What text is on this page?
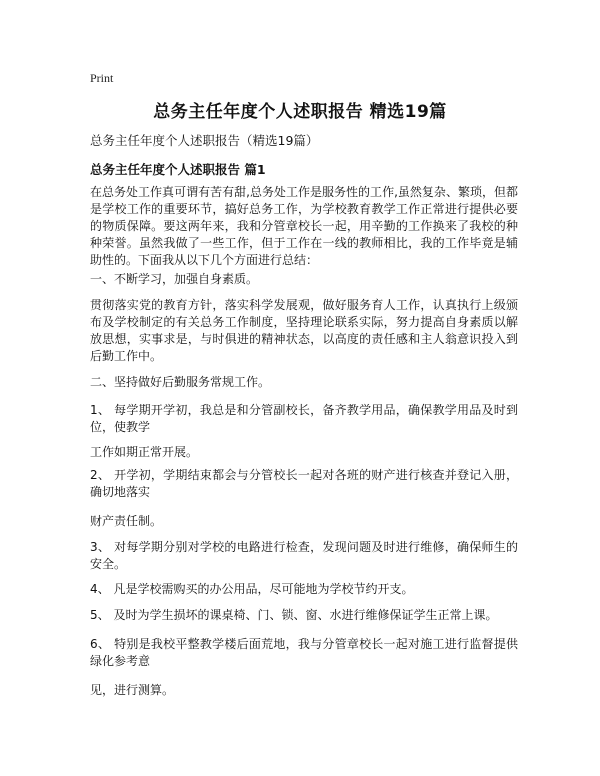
Print
总务主任年度个人述职报告 精选19篇
总务主任年度个人述职报告（精选19篇）
总务主任年度个人述职报告 篇1
在总务处工作真可谓有苦有甜,总务处工作是服务性的工作,虽然复杂、繁琐，但都是学校工作的重要环节，搞好总务工作，为学校教育教学工作正常进行提供必要的物质保障。要这两年来，我和分管章校长一起，用辛勤的工作换来了我校的种 种荣誉。虽然我做了一些工作，但于工作在一线的教师相比，我的工作毕竟是辅助性的。下面我从以下几个方面进行总结：
一、不断学习，加强自身素质。
贯彻落实党的教育方针，落实科学发展观，做好服务育人工作，认真执行上级颁布及学校制定的有关总务工作制度，坚持理论联系实际，努力提高自身素质以解放思想，实事求是，与时俱进的精神状态，以高度的责任感和主人翁意识投入到后勤工作中。
二、坚持做好后勤服务常规工作。
1、 每学期开学初，我总是和分管副校长，备齐教学用品，确保教学用品及时到位，使教学
工作如期正常开展。
2、 开学初，学期结束都会与分管校长一起对各班的财产进行核查并登记入册，确切地落实
财产责任制。
3、 对每学期分别对学校的电路进行检查，发现问题及时进行维修，确保师生的安全。
4、 凡是学校需购买的办公用品，尽可能地为学校节约开支。
5、 及时为学生损坏的课桌椅、门、锁、窗、水进行维修保证学生正常上课。
6、 特别是我校平整教学楼后面荒地，我与分管章校长一起对施工进行监督提供绿化参考意
见，进行测算。
